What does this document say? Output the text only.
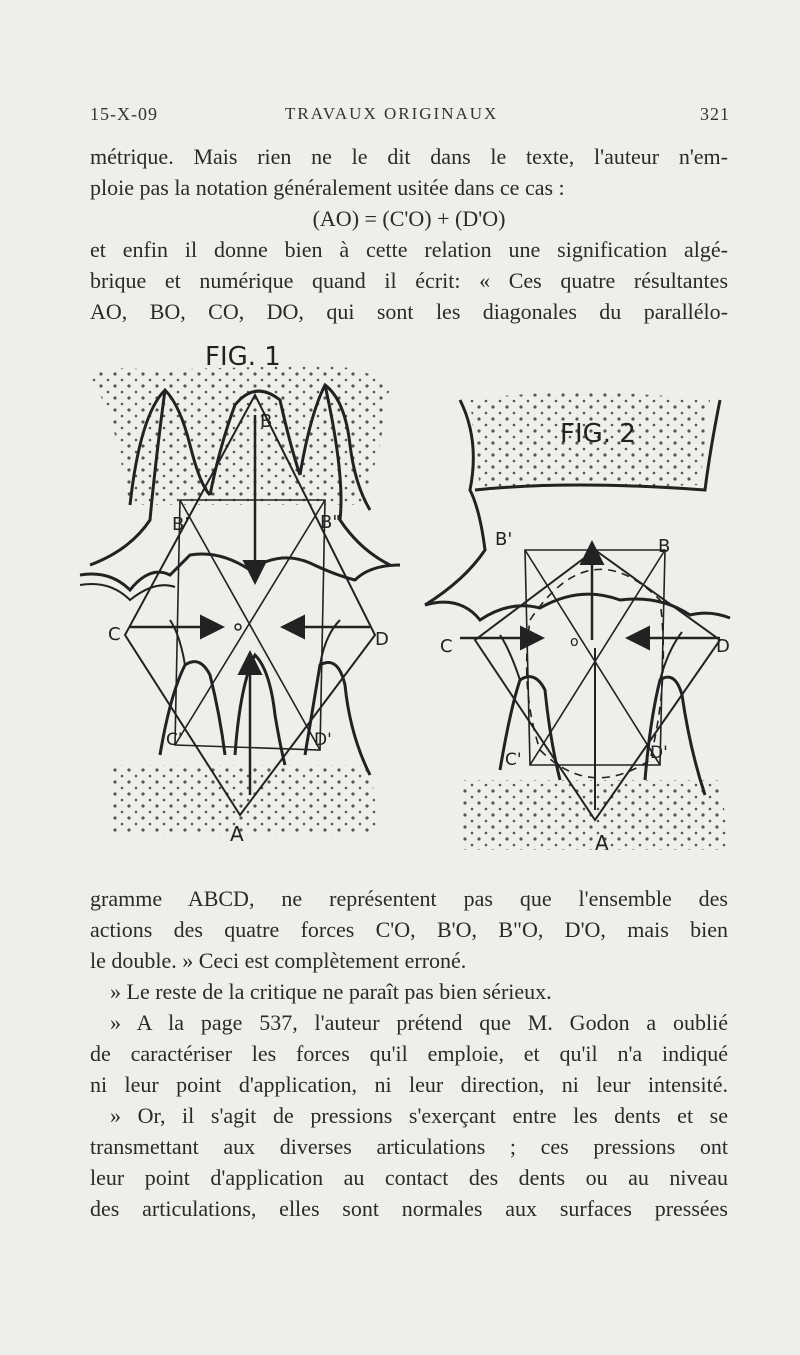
15-X-09	TRAVAUX ORIGINAUX	321
métrique. Mais rien ne le dit dans le texte, l'auteur n'em-
ploie pas la notation généralement usitée dans ce cas :
(AO) = (C'O) + (D'O)
et enfin il donne bien à cette relation une signification algé-
brique et numérique quand il écrit: « Ces quatre résultantes
AO, BO, CO, DO, qui sont les diagonales du parallélo-
FIG. 1
B
B'	B"
C	D
C'	D'
A
FIG. 2
B'	B
C	D
o
C'	D'
A
gramme ABCD, ne représentent pas que l'ensemble des
actions des quatre forces C'O, B'O, B"O, D'O, mais bien
le double. » Ceci est complètement erroné.
» Le reste de la critique ne paraît pas bien sérieux.
» A la page 537, l'auteur prétend que M. Godon a oublié
de caractériser les forces qu'il emploie, et qu'il n'a indiqué
ni leur point d'application, ni leur direction, ni leur intensité.
» Or, il s'agit de pressions s'exerçant entre les dents et se
transmettant aux diverses articulations ; ces pressions ont
leur point d'application au contact des dents ou au niveau
des articulations, elles sont normales aux surfaces pressées
